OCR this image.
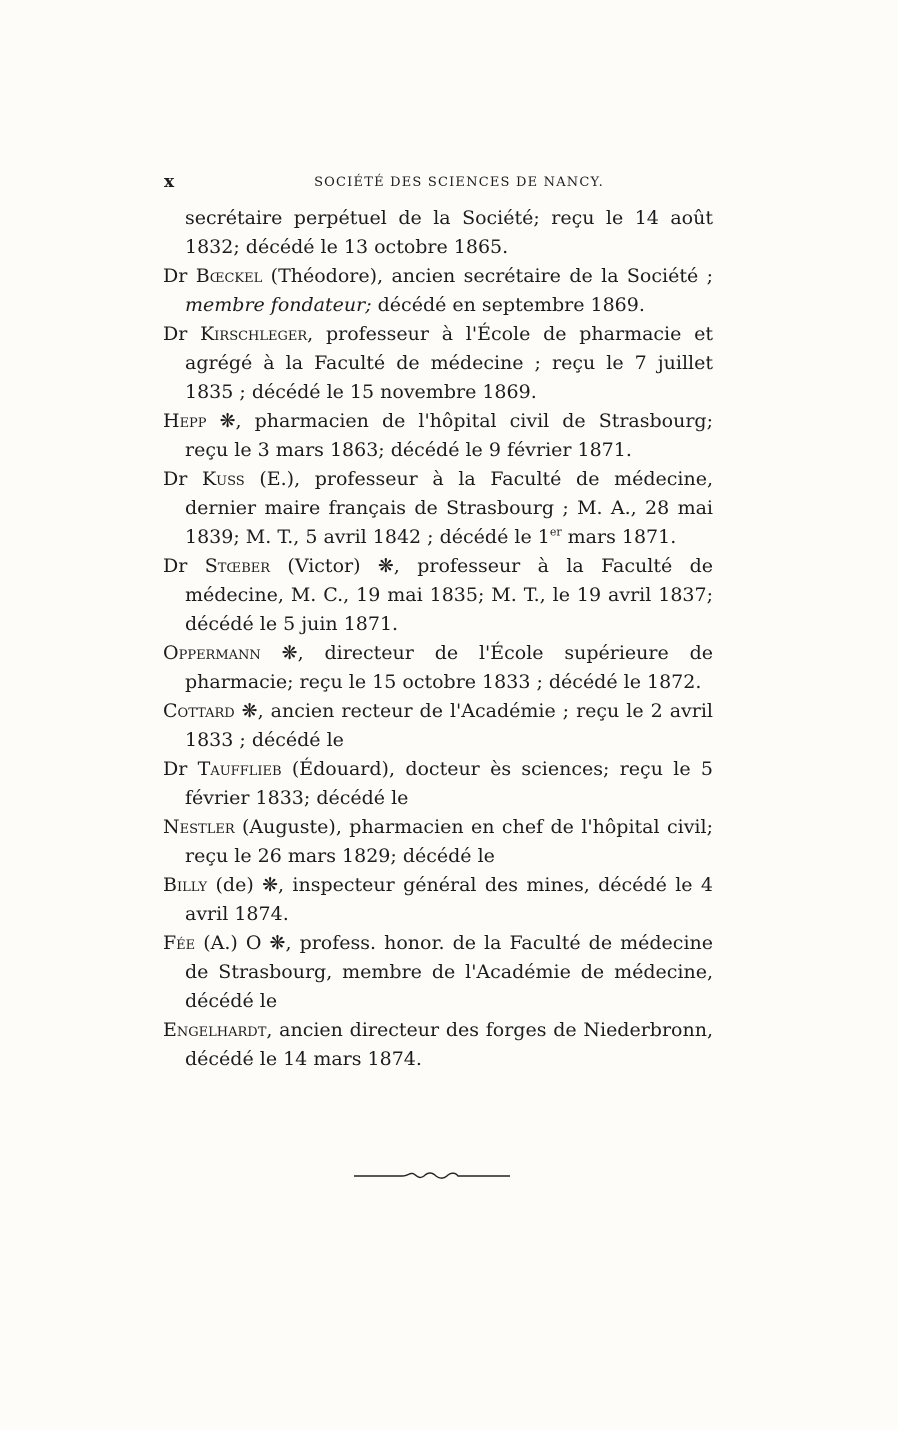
x	SOCIÉTÉ DES SCIENCES DE NANCY.

secrétaire perpétuel de la Société; reçu le 14 août 1832; décédé le 13 octobre 1865.

Dr Bœckel (Théodore), ancien secrétaire de la Société ; membre fondateur; décédé en septembre 1869.

Dr Kirschleger, professeur à l'École de pharmacie et agrégé à la Faculté de médecine ; reçu le 7 juillet 1835 ; décédé le 15 novembre 1869.

Hepp ❋, pharmacien de l'hôpital civil de Strasbourg; reçu le 3 mars 1863; décédé le 9 février 1871.

Dr Kuss (E.), professeur à la Faculté de médecine, dernier maire français de Strasbourg ; M. A., 28 mai 1839; M. T., 5 avril 1842 ; décédé le 1er mars 1871.

Dr Stœber (Victor) ❋, professeur à la Faculté de médecine, M. C., 19 mai 1835; M. T., le 19 avril 1837; décédé le 5 juin 1871.

Oppermann ❋, directeur de l'École supérieure de pharmacie; reçu le 15 octobre 1833 ; décédé le 1872.

Cottard ❋, ancien recteur de l'Académie ; reçu le 2 avril 1833 ; décédé le

Dr Taufflieb (Édouard), docteur ès sciences; reçu le 5 février 1833; décédé le

Nestler (Auguste), pharmacien en chef de l'hôpital civil; reçu le 26 mars 1829; décédé le

Billy (de) ❋, inspecteur général des mines, décédé le 4 avril 1874.

Fée (A.) O ❋, profess. honor. de la Faculté de médecine de Strasbourg, membre de l'Académie de médecine, décédé le

Engelhardt, ancien directeur des forges de Niederbronn, décédé le 14 mars 1874.
